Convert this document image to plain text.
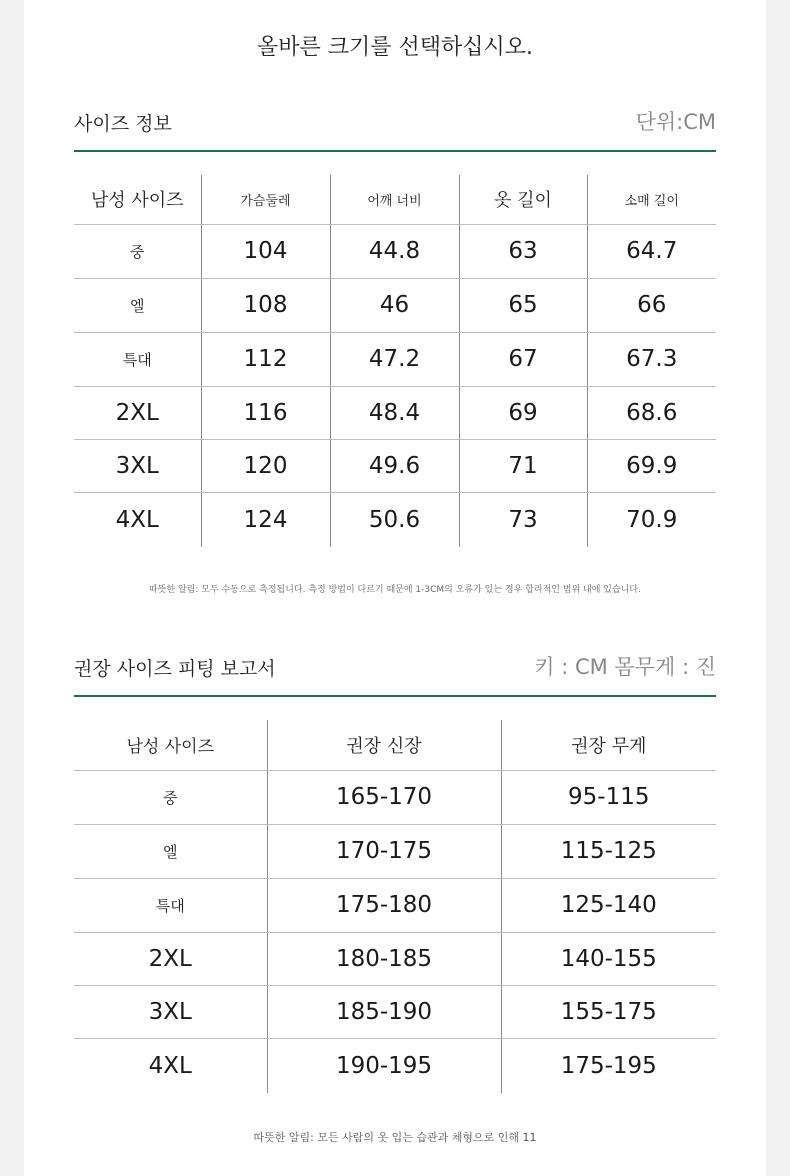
올바른 크기를 선택하십시오.
사이즈 정보	단위:CM
남성 사이즈	가슴둘레	어깨 너비	옷 길이	소매 길이
중	104	44.8	63	64.7
엘	108	46	65	66
특대	112	47.2	67	67.3
2XL	116	48.4	69	68.6
3XL	120	49.6	71	69.9
4XL	124	50.6	73	70.9
따뜻한 알림: 모두 수동으로 측정됩니다. 측정 방법이 다르기 때문에 1-3CM의 오류가 있는 경우 합리적인 범위 내에 있습니다.
권장 사이즈 피팅 보고서	키 : CM 몸무게 : 진
남성 사이즈	권장 신장	권장 무게
중	165-170	95-115
엘	170-175	115-125
특대	175-180	125-140
2XL	180-185	140-155
3XL	185-190	155-175
4XL	190-195	175-195
따뜻한 알림: 모든 사람의 옷 입는 습관과 체형으로 인해 11
